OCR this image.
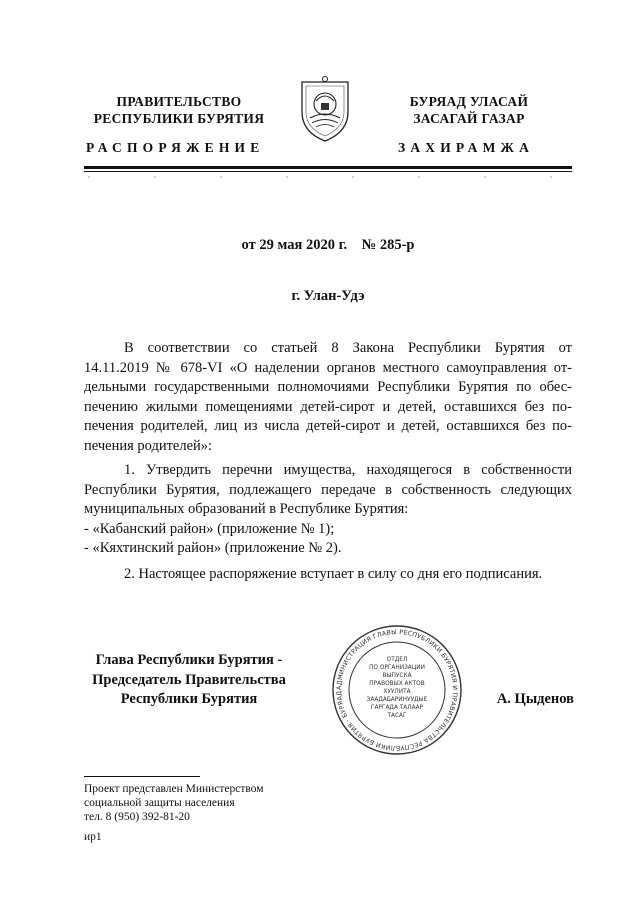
ПРАВИТЕЛЬСТВО
РЕСПУБЛИКИ БУРЯТИЯ
БУРЯАД УЛАСАЙ
ЗАСАГАЙ ГАЗАР
РАСПОРЯЖЕНИЕ	ЗАХИРАМЖА
от 29 мая 2020 г.    № 285-р
г. Улан-Удэ
В соответствии со статьей 8 Закона Республики Бурятия от
14.11.2019 № 678-VI «О наделении органов местного самоуправления от-
дельными государственными полномочиями Республики Бурятия по обес-
печению жилыми помещениями детей-сирот и детей, оставшихся без по-
печения родителей, лиц из числа детей-сирот и детей, оставшихся без по-
печения родителей»:
1. Утвердить перечни имущества, находящегося в собственности
Республики Бурятия, подлежащего передаче в собственность следующих
муниципальных образований в Республике Бурятия:
- «Кабанский район» (приложение № 1);
- «Кяхтинский район» (приложение № 2).
2. Настоящее распоряжение вступает в силу со дня его подписания.
Глава Республики Бурятия -
Председатель Правительства
Республики Бурятия
АДМИНИСТРАЦИЯ ГЛАВЫ РЕСПУБЛИКИ БУРЯТИЯ И ПРАВИТЕЛЬСТВА РЕСПУБЛИКИ БУРЯТИЯ · БУРЯАД
ОТДЕЛ
ПО ОРГАНИЗАЦИИ
ВЫПУСКА
ПРАВОВЫХ АКТОВ
ХУУЛИТА
ЗААДАБАРИНУУДЫЕ
ГАРГАДА ТАЛААР
ТАСАГ
А. Цыденов
Проект представлен Министерством
социальной защиты населения
тел. 8 (950) 392-81-20
ир1
